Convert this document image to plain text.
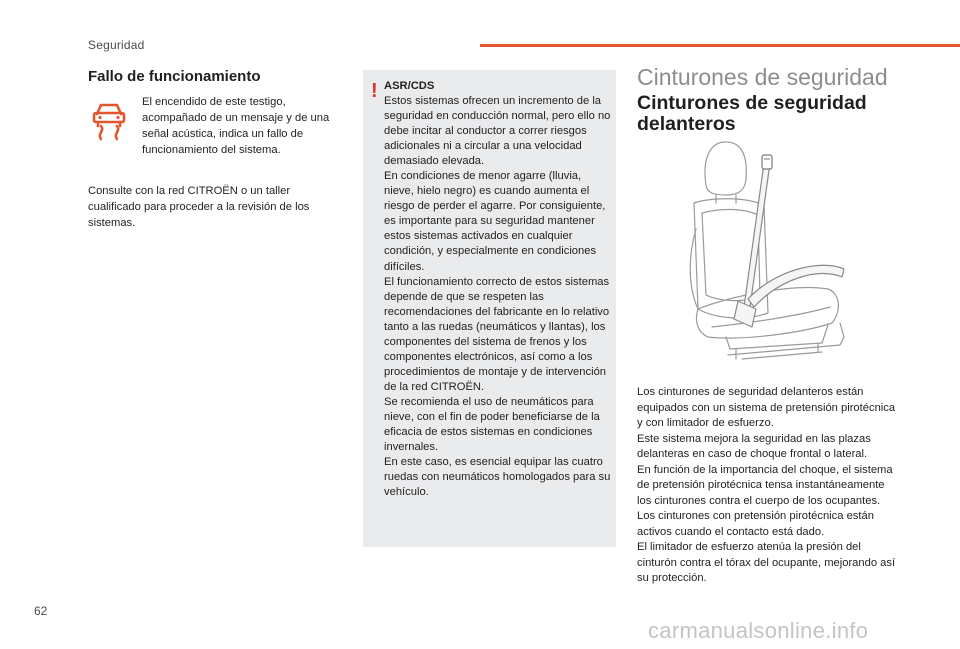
Seguridad
Fallo de funcionamiento
El encendido de este testigo, acompañado de un mensaje y de una señal acústica, indica un fallo de funcionamiento del sistema.
Consulte con la red CITROËN o un taller cualificado para proceder a la revisión de los sistemas.
! ASR/CDS

Estos sistemas ofrecen un incremento de la seguridad en conducción normal, pero ello no debe incitar al conductor a correr riesgos adicionales ni a circular a una velocidad demasiado elevada.

En condiciones de menor agarre (lluvia, nieve, hielo negro) es cuando aumenta el riesgo de perder el agarre. Por consiguiente, es importante para su seguridad mantener estos sistemas activados en cualquier condición, y especialmente en condiciones difíciles.

El funcionamiento correcto de estos sistemas depende de que se respeten las recomendaciones del fabricante en lo relativo tanto a las ruedas (neumáticos y llantas), los componentes del sistema de frenos y los componentes electrónicos, así como a los procedimientos de montaje y de intervención de la red CITROËN.

Se recomienda el uso de neumáticos para nieve, con el fin de poder beneficiarse de la eficacia de estos sistemas en condiciones invernales.

En este caso, es esencial equipar las cuatro ruedas con neumáticos homologados para su vehículo.

Cinturones de seguridad
Cinturones de seguridad delanteros

Los cinturones de seguridad delanteros están equipados con un sistema de pretensión pirotécnica y con limitador de esfuerzo.

Este sistema mejora la seguridad en las plazas delanteras en caso de choque frontal o lateral.

En función de la importancia del choque, el sistema de pretensión pirotécnica tensa instantáneamente los cinturones contra el cuerpo de los ocupantes.

Los cinturones con pretensión pirotécnica están activos cuando el contacto está dado.

El limitador de esfuerzo atenúa la presión del cinturón contra el tórax del ocupante, mejorando así su protección.

62
carmanualsonline.info
